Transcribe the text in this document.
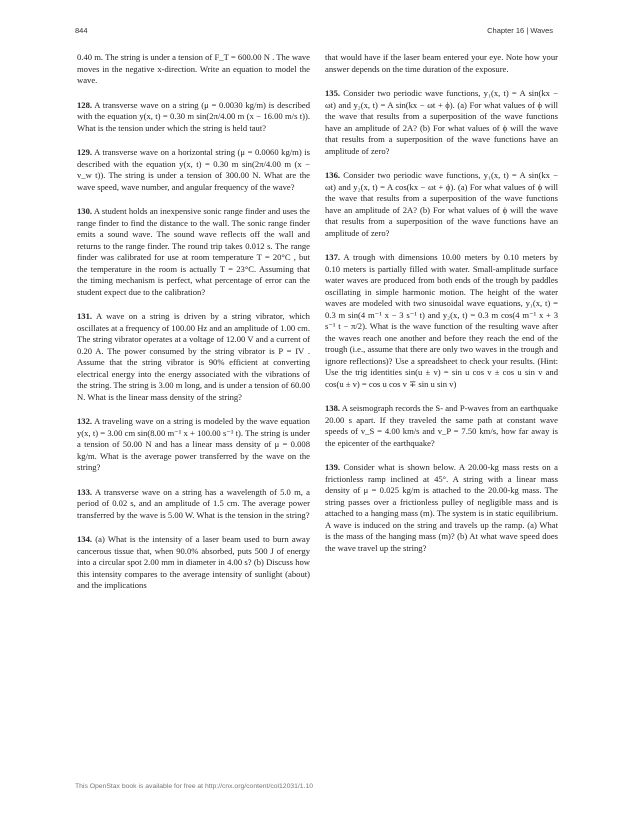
844	Chapter 16 | Waves

0.40 m. The string is under a tension of F_T = 600.00 N . The wave moves in the negative x-direction. Write an equation to model the wave.

128. A transverse wave on a string (μ = 0.0030 kg/m) is described with the equation y(x, t) = 0.30 m sin(2π/4.00 m (x − 16.00 m/s t)). What is the tension under which the string is held taut?

129. A transverse wave on a horizontal string (μ = 0.0060 kg/m) is described with the equation y(x, t) = 0.30 m sin(2π/4.00 m (x − v_w t)). The string is under a tension of 300.00 N. What are the wave speed, wave number, and angular frequency of the wave?

130. A student holds an inexpensive sonic range finder and uses the range finder to find the distance to the wall. The sonic range finder emits a sound wave. The sound wave reflects off the wall and returns to the range finder. The round trip takes 0.012 s. The range finder was calibrated for use at room temperature T = 20°C , but the temperature in the room is actually T = 23°C. Assuming that the timing mechanism is perfect, what percentage of error can the student expect due to the calibration?

131. A wave on a string is driven by a string vibrator, which oscillates at a frequency of 100.00 Hz and an amplitude of 1.00 cm. The string vibrator operates at a voltage of 12.00 V and a current of 0.20 A. The power consumed by the string vibrator is P = IV . Assume that the string vibrator is 90% efficient at converting electrical energy into the energy associated with the vibrations of the string. The string is 3.00 m long, and is under a tension of 60.00 N. What is the linear mass density of the string?

132. A traveling wave on a string is modeled by the wave equation y(x, t) = 3.00 cm sin(8.00 m⁻¹ x + 100.00 s⁻¹ t). The string is under a tension of 50.00 N and has a linear mass density of μ = 0.008 kg/m. What is the average power transferred by the wave on the string?

133. A transverse wave on a string has a wavelength of 5.0 m, a period of 0.02 s, and an amplitude of 1.5 cm. The average power transferred by the wave is 5.00 W. What is the tension in the string?

134. (a) What is the intensity of a laser beam used to burn away cancerous tissue that, when 90.0% absorbed, puts 500 J of energy into a circular spot 2.00 mm in diameter in 4.00 s? (b) Discuss how this intensity compares to the average intensity of sunlight (about) and the implications

that would have if the laser beam entered your eye. Note how your answer depends on the time duration of the exposure.

135. Consider two periodic wave functions, y₁(x, t) = A sin(kx − ωt) and y₂(x, t) = A sin(kx − ωt + ϕ). (a) For what values of ϕ will the wave that results from a superposition of the wave functions have an amplitude of 2A? (b) For what values of ϕ will the wave that results from a superposition of the wave functions have an amplitude of zero?

136. Consider two periodic wave functions, y₁(x, t) = A sin(kx − ωt) and y₂(x, t) = A cos(kx − ωt + ϕ). (a) For what values of ϕ will the wave that results from a superposition of the wave functions have an amplitude of 2A? (b) For what values of ϕ will the wave that results from a superposition of the wave functions have an amplitude of zero?

137. A trough with dimensions 10.00 meters by 0.10 meters by 0.10 meters is partially filled with water. Small-amplitude surface water waves are produced from both ends of the trough by paddles oscillating in simple harmonic motion. The height of the water waves are modeled with two sinusoidal wave equations, y₁(x, t) = 0.3 m sin(4 m⁻¹ x − 3 s⁻¹ t) and y₂(x, t) = 0.3 m cos(4 m⁻¹ x + 3 s⁻¹ t − π/2). What is the wave function of the resulting wave after the waves reach one another and before they reach the end of the trough (i.e., assume that there are only two waves in the trough and ignore reflections)? Use a spreadsheet to check your results. (Hint: Use the trig identities sin(u ± v) = sin u cos v ± cos u sin v and cos(u ± v) = cos u cos v ∓ sin u sin v)

138. A seismograph records the S- and P-waves from an earthquake 20.00 s apart. If they traveled the same path at constant wave speeds of v_S = 4.00 km/s and v_P = 7.50 km/s, how far away is the epicenter of the earthquake?

139. Consider what is shown below. A 20.00-kg mass rests on a frictionless ramp inclined at 45°. A string with a linear mass density of μ = 0.025 kg/m is attached to the 20.00-kg mass. The string passes over a frictionless pulley of negligible mass and is attached to a hanging mass (m). The system is in static equilibrium. A wave is induced on the string and travels up the ramp. (a) What is the mass of the hanging mass (m)? (b) At what wave speed does the wave travel up the string?

This OpenStax book is available for free at http://cnx.org/content/col12031/1.10
